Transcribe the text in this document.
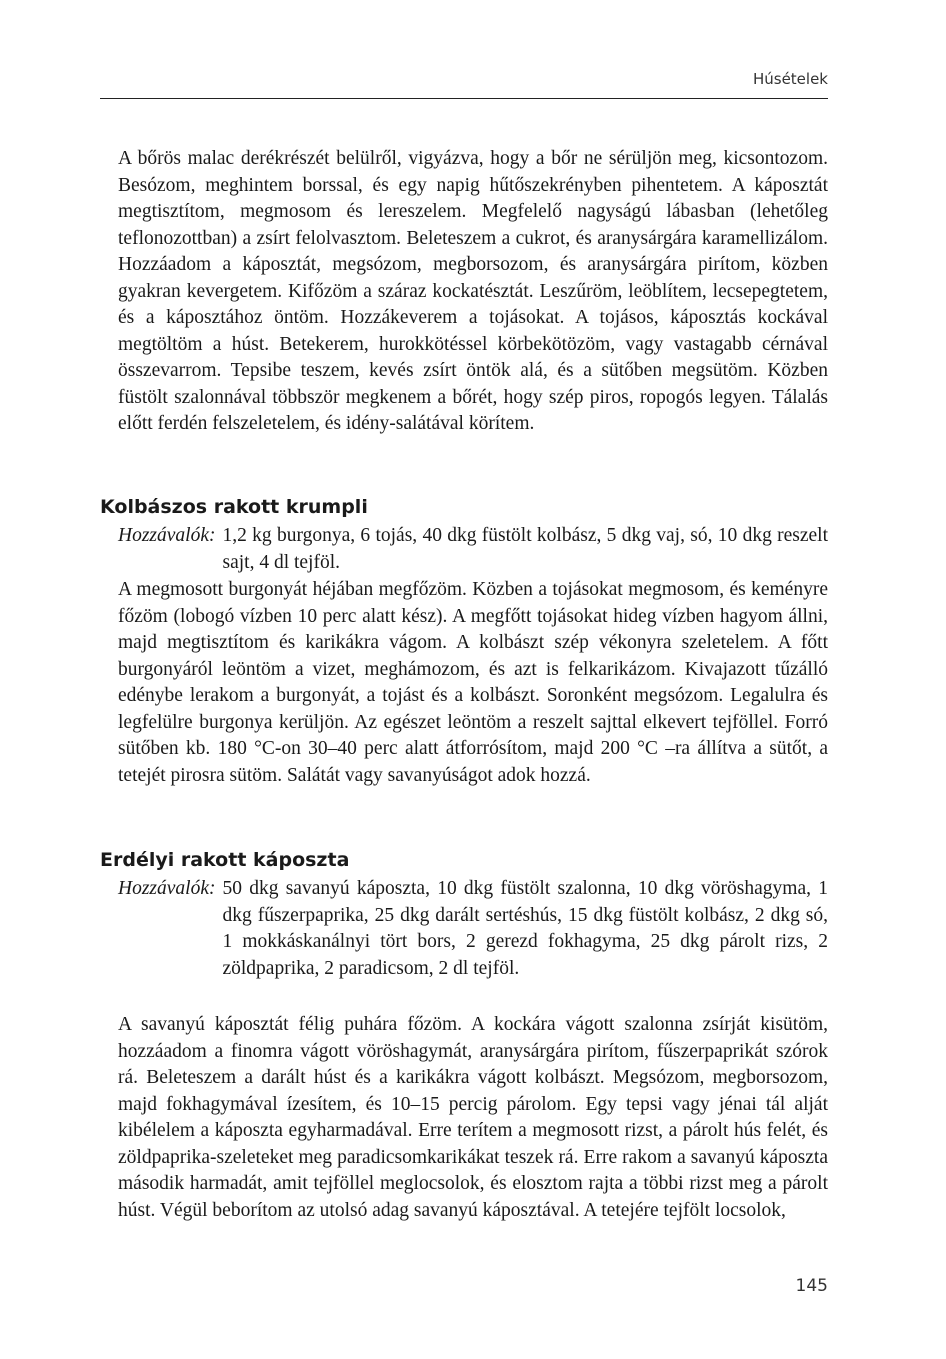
Húsételek
A bőrös malac derékrészét belülről, vigyázva, hogy a bőr ne sérüljön meg, kicsontozom. Besózom, meghintem borssal, és egy napig hűtőszekrényben pihentetem. A káposztát megtisztítom, megmosom és lereszelem. Megfelelő nagyságú lábasban (lehetőleg teflonozottban) a zsírt felolvasztom. Beleteszem a cukrot, és aranysárgára karamellizálom. Hozzáadom a káposztát, megsózom, megborsozom, és aranysárgára pirítom, közben gyakran kevergetem. Kifőzöm a száraz kockatésztát. Leszűröm, leöblítem, lecsepegtetem, és a káposztához öntöm. Hozzákeverem a tojásokat. A tojásos, káposztás kockával megtöltöm a húst. Betekerem, hurokkötéssel körbekötözöm, vagy vastagabb cérnával összevarrom. Tepsibe teszem, kevés zsírt öntök alá, és a sütőben megsütöm. Közben füstölt szalonnával többször megkenem a bőrét, hogy szép piros, ropogós legyen. Tálalás előtt ferdén felszeletelem, és idény-salátával körítem.
Kolbászos rakott krumpli
Hozzávalók: 1,2 kg burgonya, 6 tojás, 40 dkg füstölt kolbász, 5 dkg vaj, só, 10 dkg reszelt sajt, 4 dl tejföl.
A megmosott burgonyát héjában megfőzöm. Közben a tojásokat megmosom, és keményre főzöm (lobogó vízben 10 perc alatt kész). A megfőtt tojásokat hideg vízben hagyom állni, majd megtisztítom és karikákra vágom. A kolbászt szép vékonyra szeletelem. A főtt burgonyáról leöntöm a vizet, meghámozom, és azt is felkarikázom. Kivajazott tűzálló edénybe lerakom a burgonyát, a tojást és a kolbászt. Soronként megsózom. Legalulra és legfelülre burgonya kerüljön. Az egészet leöntöm a reszelt sajttal elkevert tejföllel. Forró sütőben kb. 180 °C-on 30–40 perc alatt átforrósítom, majd 200 °C –ra állítva a sütőt, a tetejét pirosra sütöm. Salátát vagy savanyúságot adok hozzá.
Erdélyi rakott káposzta
Hozzávalók: 50 dkg savanyú káposzta, 10 dkg füstölt szalonna, 10 dkg vöröshagyma, 1 dkg fűszerpaprika, 25 dkg darált sertéshús, 15 dkg füstölt kolbász, 2 dkg só, 1 mokkáskanálnyi tört bors, 2 gerezd fokhagyma, 25 dkg párolt rizs, 2 zöldpaprika, 2 paradicsom, 2 dl tejföl.
A savanyú káposztát félig puhára főzöm. A kockára vágott szalonna zsírját kisütöm, hozzáadom a finomra vágott vöröshagymát, aranysárgára pirítom, fűszerpaprikát szórok rá. Beleteszem a darált húst és a karikákra vágott kolbászt. Megsózom, megborsozom, majd fokhagymával ízesítem, és 10–15 percig párolom. Egy tepsi vagy jénai tál alját kibélelem a káposzta egyharmadával. Erre terítem a megmosott rizst, a párolt hús felét, és zöldpaprika-szeleteket meg paradicsomkarikákat teszek rá. Erre rakom a savanyú káposzta második harmadát, amit tejföllel meglocsolok, és elosztom rajta a többi rizst meg a párolt húst. Végül beborítom az utolsó adag savanyú káposztával. A tetejére tejfölt locsolok,
145
